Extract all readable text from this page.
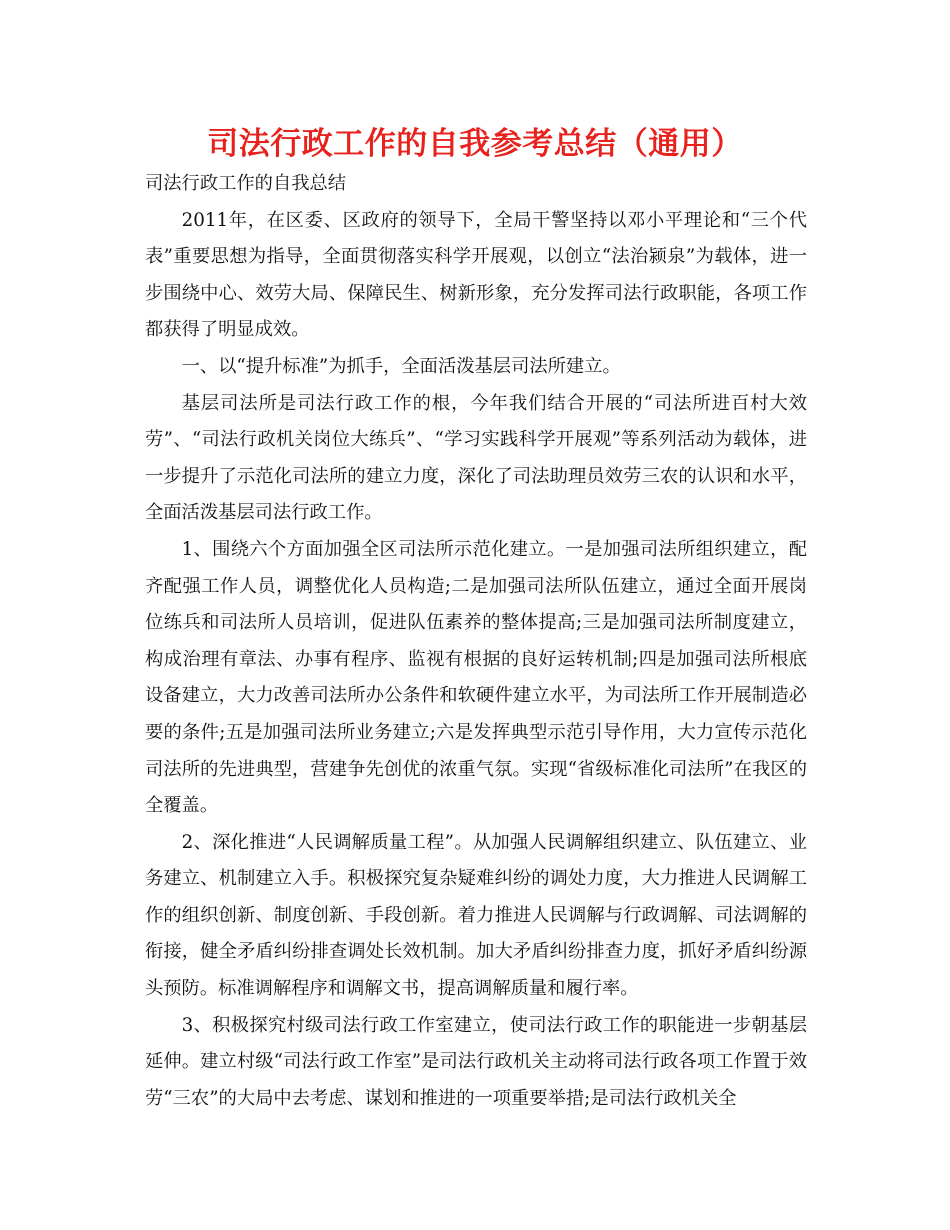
司法行政工作的自我参考总结（通用）

司法行政工作的自我总结

2011年，在区委、区政府的领导下，全局干警坚持以邓小平理论和“三个代表”重要思想为指导，全面贯彻落实科学开展观，以创立“法治颍泉”为载体，进一步围绕中心、效劳大局、保障民生、树新形象，充分发挥司法行政职能，各项工作都获得了明显成效。

一、以“提升标准”为抓手，全面活泼基层司法所建立。

基层司法所是司法行政工作的根，今年我们结合开展的“司法所进百村大效劳”、“司法行政机关岗位大练兵”、“学习实践科学开展观”等系列活动为载体，进一步提升了示范化司法所的建立力度，深化了司法助理员效劳三农的认识和水平，全面活泼基层司法行政工作。

1、围绕六个方面加强全区司法所示范化建立。一是加强司法所组织建立，配齐配强工作人员，调整优化人员构造;二是加强司法所队伍建立，通过全面开展岗位练兵和司法所人员培训，促进队伍素养的整体提高;三是加强司法所制度建立，构成治理有章法、办事有程序、监视有根据的良好运转机制;四是加强司法所根底设备建立，大力改善司法所办公条件和软硬件建立水平，为司法所工作开展制造必要的条件;五是加强司法所业务建立;六是发挥典型示范引导作用，大力宣传示范化司法所的先进典型，营建争先创优的浓重气氛。实现“省级标准化司法所”在我区的全覆盖。

2、深化推进“人民调解质量工程”。从加强人民调解组织建立、队伍建立、业务建立、机制建立入手。积极探究复杂疑难纠纷的调处力度，大力推进人民调解工作的组织创新、制度创新、手段创新。着力推进人民调解与行政调解、司法调解的衔接，健全矛盾纠纷排查调处长效机制。加大矛盾纠纷排查力度，抓好矛盾纠纷源头预防。标准调解程序和调解文书，提高调解质量和履行率。

3、积极探究村级司法行政工作室建立，使司法行政工作的职能进一步朝基层延伸。建立村级“司法行政工作室”是司法行政机关主动将司法行政各项工作置于效劳“三农”的大局中去考虑、谋划和推进的一项重要举措;是司法行政机关全
